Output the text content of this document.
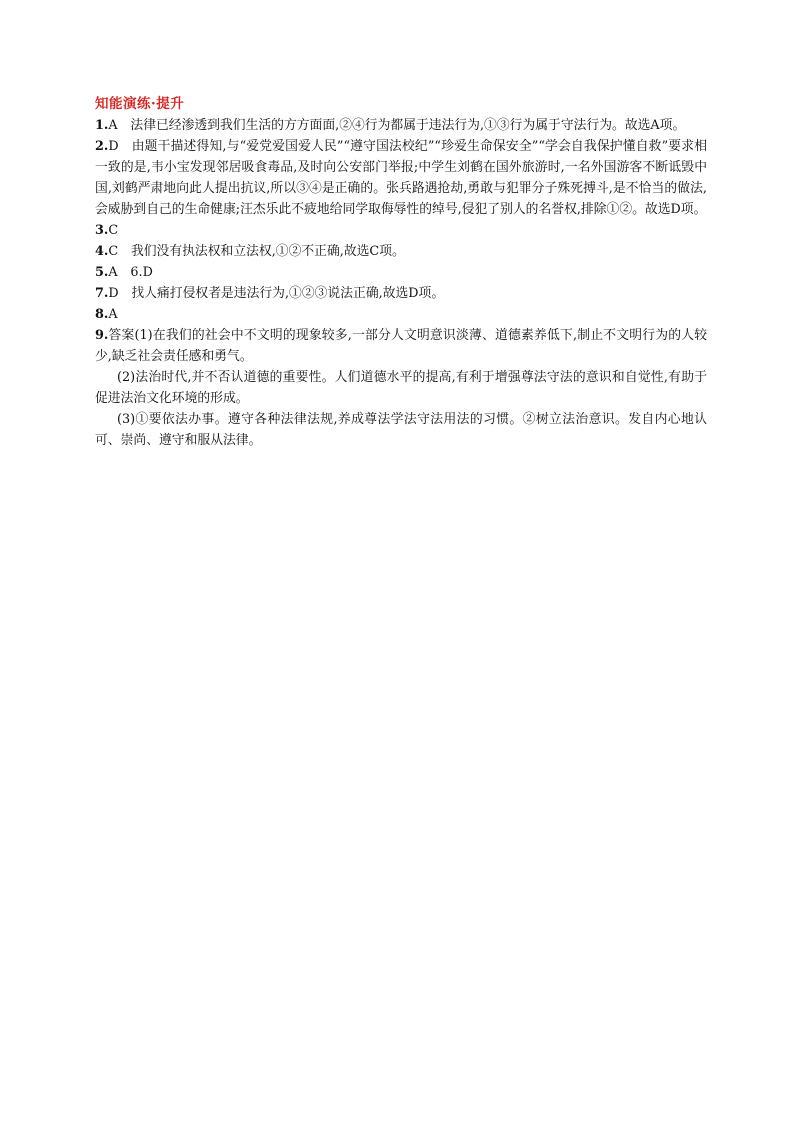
知能演练·提升

1.A　法律已经渗透到我们生活的方方面面,②④行为都属于违法行为,①③行为属于守法行为。故选A项。

2.D　由题干描述得知,与“爱党爱国爱人民”“遵守国法校纪”“珍爱生命保安全”“学会自我保护懂自救”要求相一致的是,韦小宝发现邻居吸食毒品,及时向公安部门举报;中学生刘鹤在国外旅游时,一名外国游客不断诋毁中国,刘鹤严肃地向此人提出抗议,所以③④是正确的。张兵路遇抢劫,勇敢与犯罪分子殊死搏斗,是不恰当的做法,会威胁到自己的生命健康;汪杰乐此不疲地给同学取侮辱性的绰号,侵犯了别人的名誉权,排除①②。故选D项。

3.C

4.C　我们没有执法权和立法权,①②不正确,故选C项。

5.A　6.D

7.D　找人痛打侵权者是违法行为,①②③说法正确,故选D项。

8.A

9.答案(1)在我们的社会中不文明的现象较多,一部分人文明意识淡薄、道德素养低下,制止不文明行为的人较少,缺乏社会责任感和勇气。

(2)法治时代,并不否认道德的重要性。人们道德水平的提高,有利于增强尊法守法的意识和自觉性,有助于促进法治文化环境的形成。

(3)①要依法办事。遵守各种法律法规,养成尊法学法守法用法的习惯。②树立法治意识。发自内心地认可、崇尚、遵守和服从法律。
